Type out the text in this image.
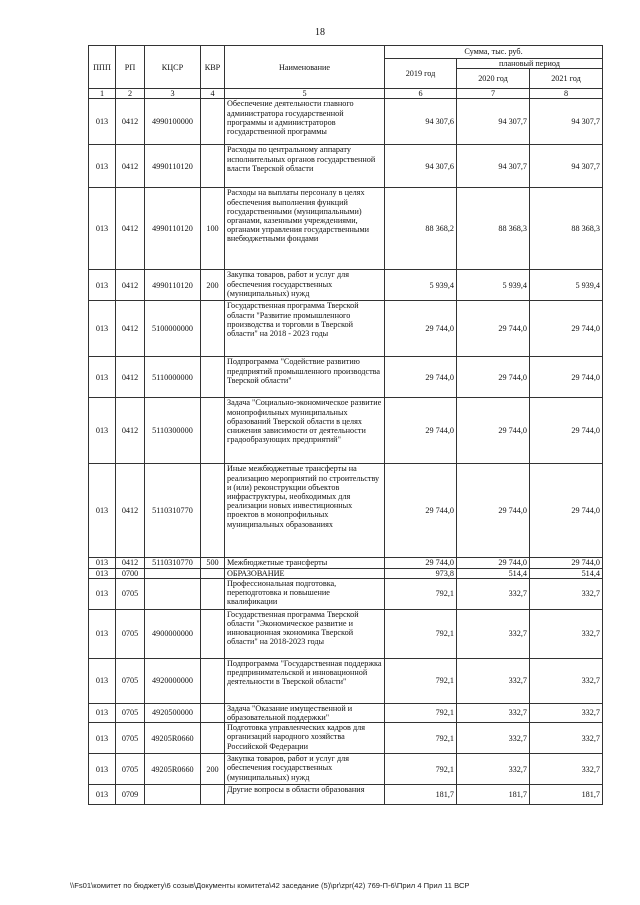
18
ППП	РП	КЦСР	КВР	Наименование	Сумма, тыс. руб.		
					2019 год	плановый период	
						2020 год	2021 год
1	2	3	4	5	6	7	8
013	0412	4990100000		Обеспечение деятельности главного администратора государственной программы и администраторов государственной программы	94 307,6	94 307,7	94 307,7
013	0412	4990110120		Расходы по центральному аппарату исполнительных органов государственной власти Тверской области	94 307,6	94 307,7	94 307,7
013	0412	4990110120	100	Расходы на выплаты персоналу в целях обеспечения выполнения функций государственными (муниципальными) органами, казенными учреждениями, органами управления государственными внебюджетными фондами	88 368,2	88 368,3	88 368,3
013	0412	4990110120	200	Закупка товаров, работ и услуг для обеспечения государственных (муниципальных) нужд	5 939,4	5 939,4	5 939,4
013	0412	5100000000		Государственная программа Тверской области "Развитие промышленного производства и торговли в Тверской области" на 2018 - 2023 годы	29 744,0	29 744,0	29 744,0
013	0412	5110000000		Подпрограмма "Содействие развитию предприятий промышленного производства Тверской области"	29 744,0	29 744,0	29 744,0
013	0412	5110300000		Задача "Социально-экономическое развитие монопрофильных муниципальных образований Тверской области в целях снижения зависимости от деятельности градообразующих предприятий"	29 744,0	29 744,0	29 744,0
013	0412	5110310770		Иные межбюджетные трансферты на реализацию мероприятий по строительству и (или) реконструкции объектов инфраструктуры, необходимых для реализации новых инвестиционных проектов в монопрофильных муниципальных образованиях	29 744,0	29 744,0	29 744,0
013	0412	5110310770	500	Межбюджетные трансферты	29 744,0	29 744,0	29 744,0
013	0700			ОБРАЗОВАНИЕ	973,8	514,4	514,4
013	0705			Профессиональная подготовка, переподготовка и повышение квалификации	792,1	332,7	332,7
013	0705	4900000000		Государственная программа Тверской области "Экономическое развитие и инновационная экономика Тверской области" на 2018-2023 годы	792,1	332,7	332,7
013	0705	4920000000		Подпрограмма "Государственная поддержка предпринимательской и инновационной деятельности в Тверской области"	792,1	332,7	332,7
013	0705	4920500000		Задача "Оказание имущественной и образовательной поддержки"	792,1	332,7	332,7
013	0705	49205R0660		Подготовка управленческих кадров для организаций народного хозяйства Российской Федерации	792,1	332,7	332,7
013	0705	49205R0660	200	Закупка товаров, работ и услуг для обеспечения государственных (муниципальных) нужд	792,1	332,7	332,7
013	0709			Другие вопросы в области образования	181,7	181,7	181,7
\\Fs01\комитет по бюджету\6 созыв\Документы комитета\42 заседание (5)\pr\zpr(42) 769-П-6\Прил 4 Прил 11 ВСР
